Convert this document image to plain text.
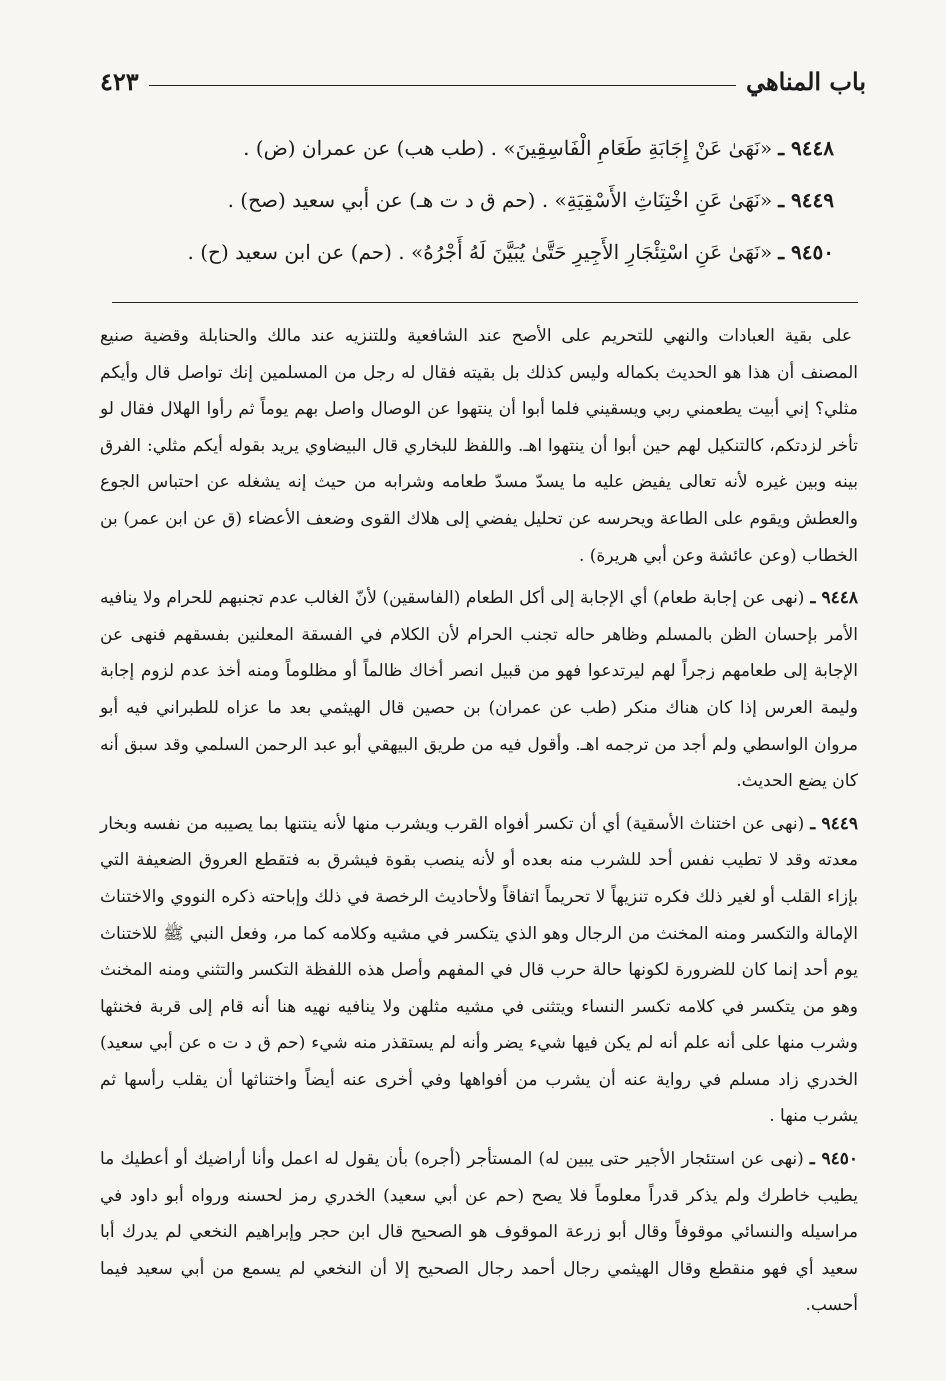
باب المناهي
٤٢٣
٩٤٤٨ ـ«نَهَىٰ عَنْ إِجَابَةِ طَعَامِ الْفَاسِقِينَ» . (طب هب) عن عمران (ض) .
٩٤٤٩ ـ«نَهَىٰ عَنِ اخْتِنَاثِ الأَسْقِيَةِ» . (حم ق د ت هـ) عن أبي سعيد (صح) .
٩٤٥٠ ـ«نَهَىٰ عَنِ اسْتِئْجَارِ الأَجِيرِ حَتَّىٰ يُبَيَّنَ لَهُ أَجْرُهُ» . (حم) عن ابن سعيد (ح) .

على بقية العبادات والنهي للتحريم على الأصح عند الشافعية وللتنزيه عند مالك والحنابلة وقضية صنيع المصنف أن هذا هو الحديث بكماله وليس كذلك بل بقيته فقال له رجل من المسلمين إنك تواصل قال وأيكم مثلي؟ إني أبيت يطعمني ربي ويسقيني فلما أبوا أن ينتهوا عن الوصال واصل بهم يوماً ثم رأوا الهلال فقال لو تأخر لزدتكم، كالتنكيل لهم حين أبوا أن ينتهوا اهـ. واللفظ للبخاري قال البيضاوي يريد بقوله أيكم مثلي: الفرق بينه وبين غيره لأنه تعالى يفيض عليه ما يسدّ مسدّ طعامه وشرابه من حيث إنه يشغله عن احتباس الجوع والعطش ويقوم على الطاعة ويحرسه عن تحليل يفضي إلى هلاك القوى وضعف الأعضاء (ق عن ابن عمر) بن الخطاب (وعن عائشة وعن أبي هريرة) .

٩٤٤٨ ـ(نهى عن إجابة طعام) أي الإجابة إلى أكل الطعام (الفاسقين) لأنّ الغالب عدم تجنبهم للحرام ولا ينافيه الأمر بإحسان الظن بالمسلم وظاهر حاله تجنب الحرام لأن الكلام في الفسقة المعلنين بفسقهم فنهى عن الإجابة إلى طعامهم زجراً لهم ليرتدعوا فهو من قبيل انصر أخاك ظالماً أو مظلوماً ومنه أخذ عدم لزوم إجابة وليمة العرس إذا كان هناك منكر (طب عن عمران) بن حصين قال الهيثمي بعد ما عزاه للطبراني فيه أبو مروان الواسطي ولم أجد من ترجمه اهـ. وأقول فيه من طريق البيهقي أبو عبد الرحمن السلمي وقد سبق أنه كان يضع الحديث.

٩٤٤٩ ـ(نهى عن اختناث الأسقية) أي أن تكسر أفواه القرب ويشرب منها لأنه ينتنها بما يصيبه من نفسه وبخار معدته وقد لا تطيب نفس أحد للشرب منه بعده أو لأنه ينصب بقوة فيشرق به فتقطع العروق الضعيفة التي بإزاء القلب أو لغير ذلك فكره تنزيهاً لا تحريماً اتفاقاً ولأحاديث الرخصة في ذلك وإباحته ذكره النووي والاختناث الإمالة والتكسر ومنه المخنث من الرجال وهو الذي يتكسر في مشيه وكلامه كما مر، وفعل النبي ﷺ للاختناث يوم أحد إنما كان للضرورة لكونها حالة حرب قال في المفهم وأصل هذه اللفظة التكسر والتثني ومنه المخنث وهو من يتكسر في كلامه تكسر النساء ويتثنى في مشيه مثلهن ولا ينافيه نهيه هنا أنه قام إلى قربة فخنثها وشرب منها على أنه علم أنه لم يكن فيها شيء يضر وأنه لم يستقذر منه شيء (حم ق د ت ه عن أبي سعيد) الخدري زاد مسلم في رواية عنه أن يشرب من أفواهها وفي أخرى عنه أيضاً واختناثها أن يقلب رأسها ثم يشرب منها .

٩٤٥٠ ـ(نهى عن استئجار الأجير حتى يبين له) المستأجر (أجره) بأن يقول له اعمل وأنا أراضيك أو أعطيك ما يطيب خاطرك ولم يذكر قدراً معلوماً فلا يصح (حم عن أبي سعيد) الخدري رمز لحسنه ورواه أبو داود في مراسيله والنسائي موقوفاً وقال أبو زرعة الموقوف هو الصحيح قال ابن حجر وإبراهيم النخعي لم يدرك أبا سعيد أي فهو منقطع وقال الهيثمي رجال أحمد رجال الصحيح إلا أن النخعي لم يسمع من أبي سعيد فيما أحسب.
